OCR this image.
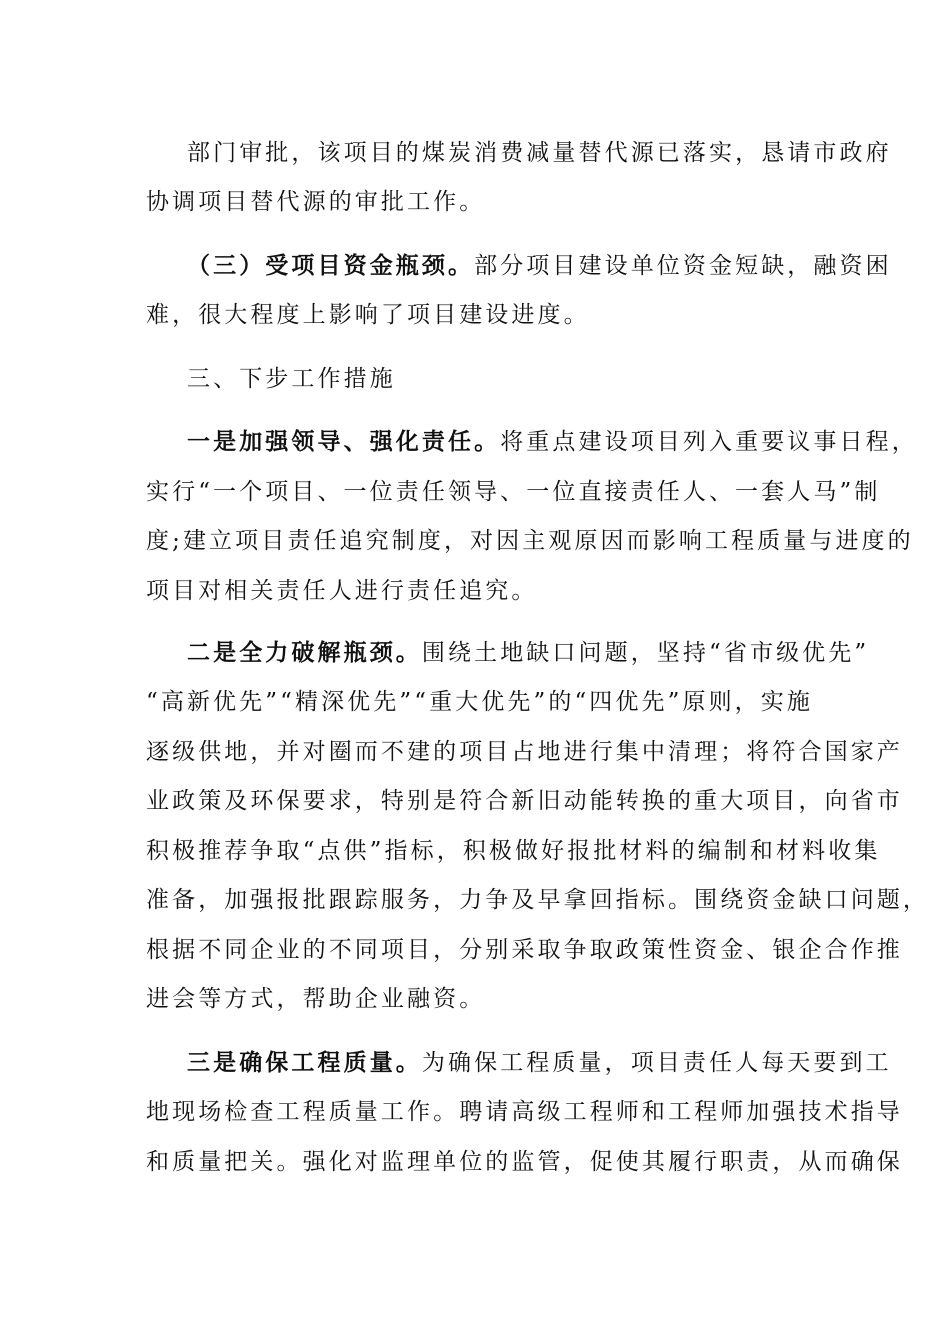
部门审批，该项目的煤炭消费减量替代源已落实，恳请市政府
协调项目替代源的审批工作。
（三）受项目资金瓶颈。部分项目建设单位资金短缺，融资困
难，很大程度上影响了项目建设进度。
三、下步工作措施
一是加强领导、强化责任。将重点建设项目列入重要议事日程，
实行“一个项目、一位责任领导、一位直接责任人、一套人马”制
度;建立项目责任追究制度，对因主观原因而影响工程质量与进度的
项目对相关责任人进行责任追究。
二是全力破解瓶颈。围绕土地缺口问题，坚持“省市级优先”
“高新优先”“精深优先”“重大优先”的“四优先”原则，实施
逐级供地，并对圈而不建的项目占地进行集中清理；将符合国家产
业政策及环保要求，特别是符合新旧动能转换的重大项目，向省市
积极推荐争取“点供”指标，积极做好报批材料的编制和材料收集
准备，加强报批跟踪服务，力争及早拿回指标。围绕资金缺口问题，
根据不同企业的不同项目，分别采取争取政策性资金、银企合作推
进会等方式，帮助企业融资。
三是确保工程质量。为确保工程质量，项目责任人每天要到工
地现场检查工程质量工作。聘请高级工程师和工程师加强技术指导
和质量把关。强化对监理单位的监管，促使其履行职责，从而确保
